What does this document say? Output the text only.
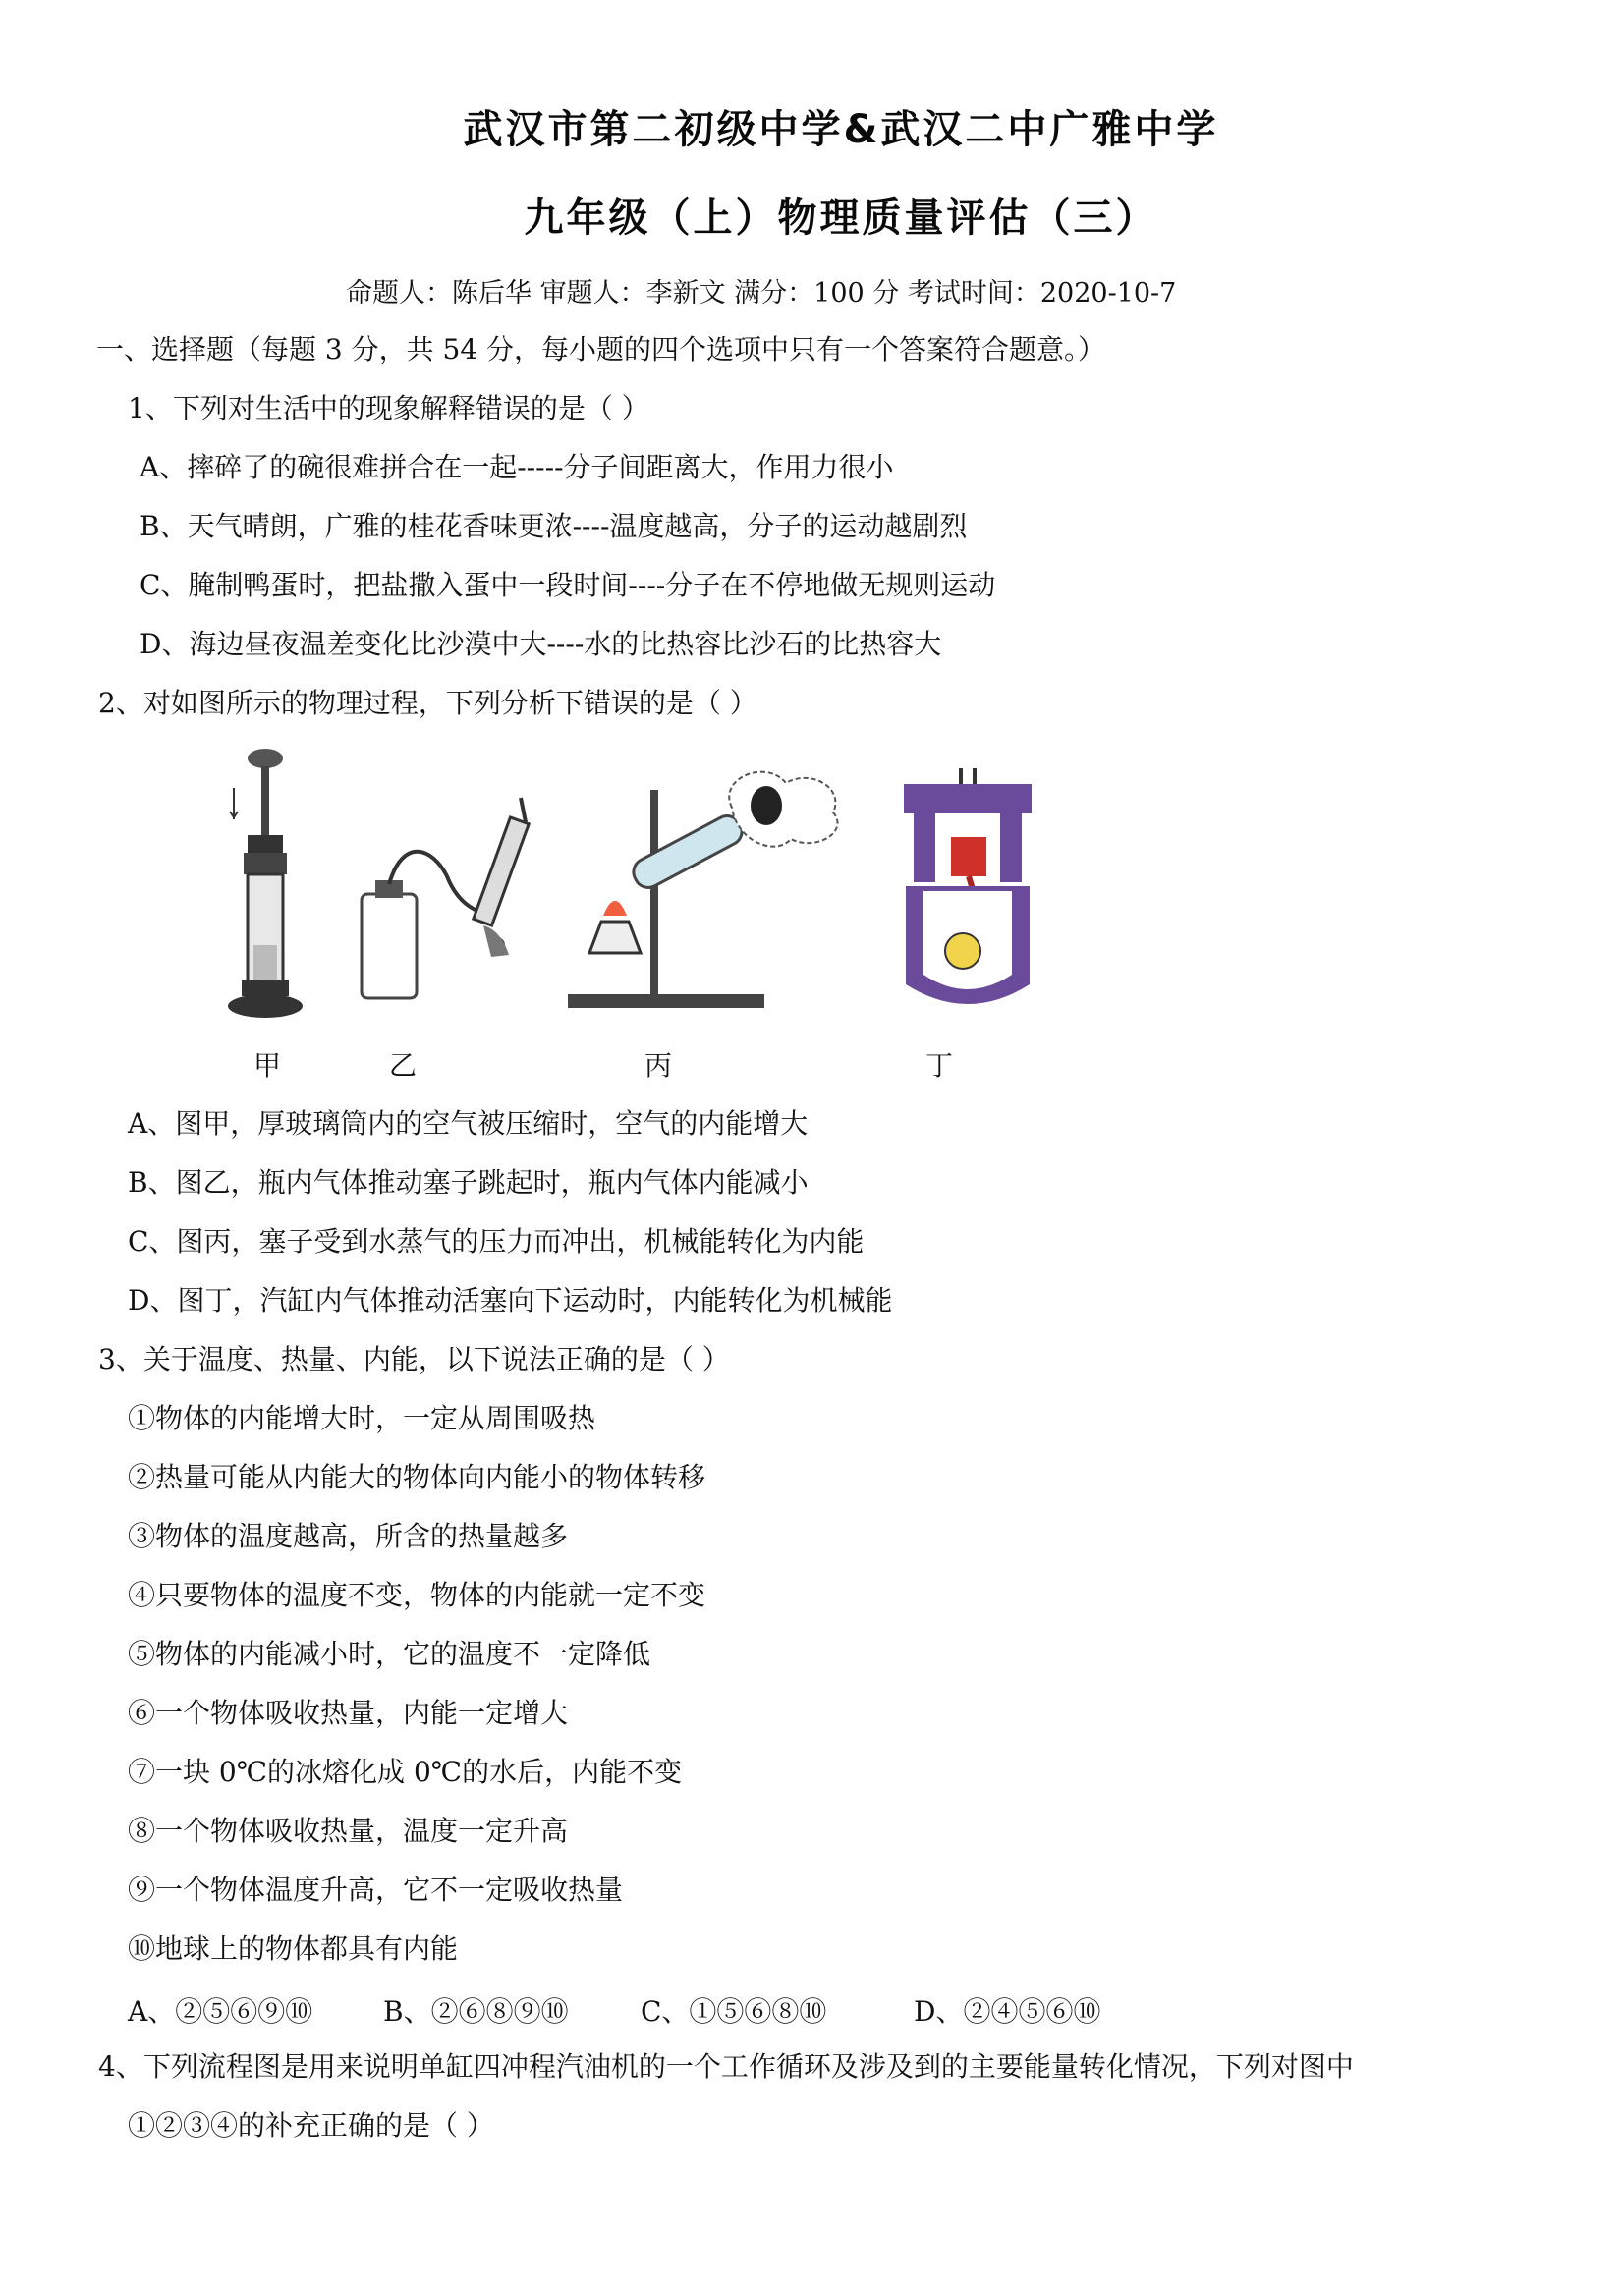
武汉市第二初级中学&武汉二中广雅中学
九年级（上）物理质量评估（三）
命题人：陈后华 审题人：李新文 满分：100 分 考试时间：2020-10-7
一、选择题（每题 3 分，共 54 分，每小题的四个选项中只有一个答案符合题意。）
1、下列对生活中的现象解释错误的是（ ）
A、摔碎了的碗很难拼合在一起-----分子间距离大，作用力很小
B、天气晴朗，广雅的桂花香味更浓----温度越高，分子的运动越剧烈
C、腌制鸭蛋时，把盐撒入蛋中一段时间----分子在不停地做无规则运动
D、海边昼夜温差变化比沙漠中大----水的比热容比沙石的比热容大
2、对如图所示的物理过程，下列分析下错误的是（ ）
甲	乙	丙	丁
A、图甲，厚玻璃筒内的空气被压缩时，空气的内能增大
B、图乙，瓶内气体推动塞子跳起时，瓶内气体内能减小
C、图丙，塞子受到水蒸气的压力而冲出，机械能转化为内能
D、图丁，汽缸内气体推动活塞向下运动时，内能转化为机械能
3、关于温度、热量、内能，以下说法正确的是（ ）
①物体的内能增大时，一定从周围吸热
②热量可能从内能大的物体向内能小的物体转移
③物体的温度越高，所含的热量越多
④只要物体的温度不变，物体的内能就一定不变
⑤物体的内能减小时，它的温度不一定降低
⑥一个物体吸收热量，内能一定增大
⑦一块 0℃的冰熔化成 0℃的水后，内能不变
⑧一个物体吸收热量，温度一定升高
⑨一个物体温度升高，它不一定吸收热量
⑩地球上的物体都具有内能
A、②⑤⑥⑨⑩	B、②⑥⑧⑨⑩	C、①⑤⑥⑧⑩	D、②④⑤⑥⑩
4、下列流程图是用来说明单缸四冲程汽油机的一个工作循环及涉及到的主要能量转化情况，下列对图中
①②③④的补充正确的是（ ）
